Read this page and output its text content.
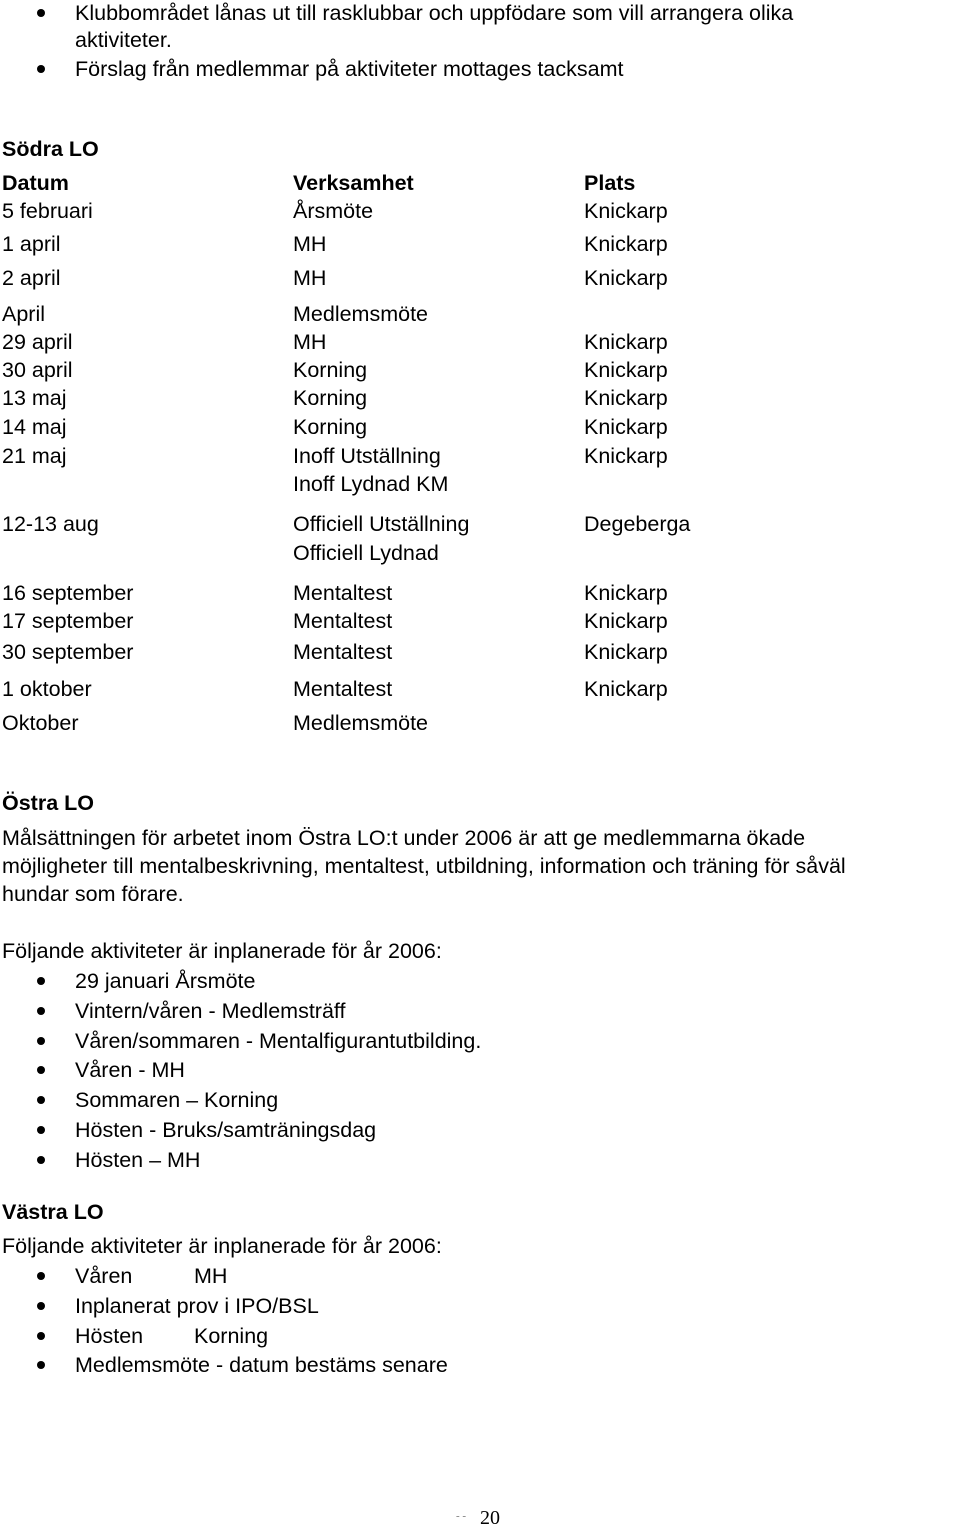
Klubbområdet lånas ut till rasklubbar och uppfödare som vill arrangera olika
aktiviteter.
Förslag från medlemmar på aktiviteter mottages tacksamt
Södra LO
Datum	Verksamhet	Plats
5 februari	Årsmöte	Knickarp
1 april	MH	Knickarp
2 april	MH	Knickarp
April	Medlemsmöte
29 april	MH	Knickarp
30 april	Korning	Knickarp
13 maj	Korning	Knickarp
14 maj	Korning	Knickarp
21 maj	Inoff Utställning	Knickarp
Inoff Lydnad KM
12-13 aug	Officiell Utställning	Degeberga
Officiell Lydnad
16 september	Mentaltest	Knickarp
17 september	Mentaltest	Knickarp
30 september	Mentaltest	Knickarp
1 oktober	Mentaltest	Knickarp
Oktober	Medlemsmöte
Östra LO
Målsättningen för arbetet inom Östra LO:t under 2006 är att ge medlemmarna ökade
möjligheter till mentalbeskrivning, mentaltest, utbildning, information och träning för såväl
hundar som förare.
Följande aktiviteter är inplanerade för år 2006:
29 januari Årsmöte
Vintern/våren - Medlemsträff
Våren/sommaren - Mentalfigurantutbilding.
Våren - MH
Sommaren – Korning
Hösten - Bruks/samträningsdag
Hösten – MH
Västra LO
Följande aktiviteter är inplanerade för år 2006:
Våren	MH
Inplanerat prov i IPO/BSL
Hösten Korning
Medlemsmöte - datum bestäms senare
- - 20
